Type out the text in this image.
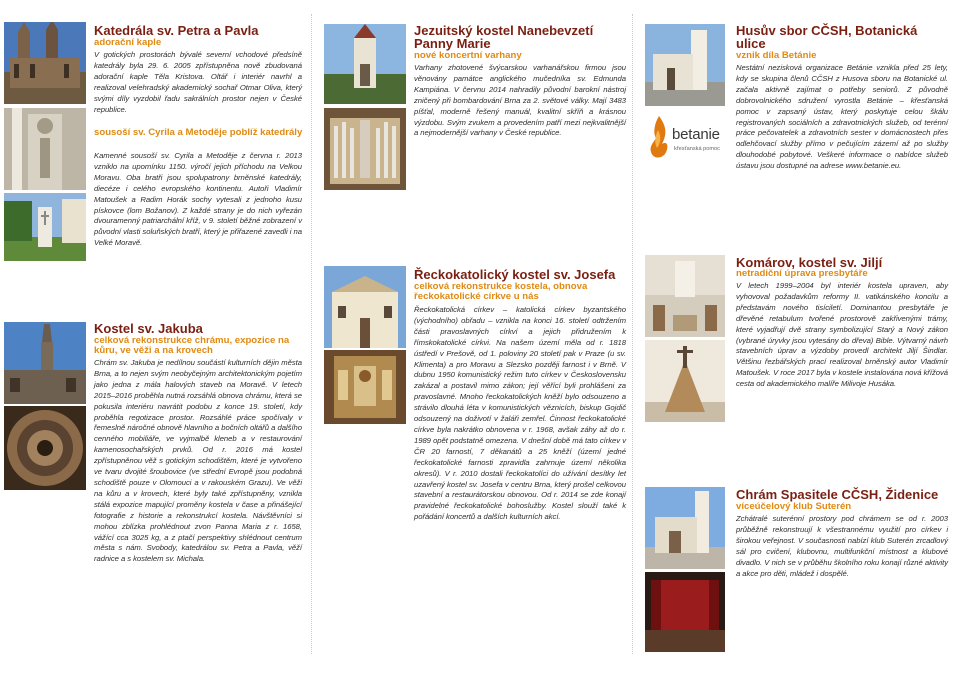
Katedrála sv. Petra a Pavla
adorační kaple

V gotických prostorách bývalé severní vchodové předsíně katedrály byla 29. 6. 2005 zpřístupněna nově zbudovaná adorační kaple Těla Kristova. Oltář i interiér navrhl a realizoval velehradský akademický sochař Otmar Oliva, který svými díly vyzdobil řadu sakrálních prostor nejen v České republice.

sousoší sv. Cyrila a Metoděje poblíž katedrály

Kamenné sousoší sv. Cyrila a Metoděje z června r. 2013 vzniklo na upomínku 1150. výročí jejich příchodu na Velkou Moravu. Oba bratři jsou spolupatrony brněnské katedrály, diecéze i celého evropského kontinentu. Autoři Vladimír Matoušek a Radim Horák sochy vytesali z jednoho kusu pískovce (lom Božanov). Z každé strany je do nich vyřezán dvouramenný patriarchální kříž, v 9. století běžné zobrazení v původní vlasti soluňských bratří, který je přiřazené zavedli i na Velké Moravě.

Kostel sv. Jakuba
celková rekonstrukce chrámu, expozice na kůru, ve věži a na krovech

Chrám sv. Jakuba je nedílnou součástí kulturních dějin města Brna, a to nejen svým neobyčejným architektonickým pojetím jako jedna z mála halových staveb na Moravě. V letech 2015–2016 proběhla nutná rozsáhlá obnova chrámu, která se pokusila interiéru navrátit podobu z konce 19. století, kdy proběhla regotizace prostor. Rozsáhlé práce spočívaly v řemeslně náročné obnově hlavního a bočních oltářů a dalšího cenného mobiliáře, ve vyjmalbě kleneb a v restaurování kamenosochařských prvků. Od r. 2016 má kostel zpřístupněnou věž s gotickým schodištěm, které je vytvořeno ve tvaru dvojité šroubovice (ve střední Evropě jsou podobná schodiště pouze v Olomouci a v rakouském Grazu). Ve věži na kůru a v krovech, které byly také zpřístupněny, vznikla stálá expozice mapující proměny kostela v čase a přinášející fotografie z historie a rekonstrukcí kostela. Návštěvníci si mohou zblízka prohlédnout zvon Panna Maria z r. 1658, vážící cca 3025 kg, a z ptačí perspektivy shlédnout centrum města s nám. Svobody, katedrálou sv. Petra a Pavla, věží radnice a s kostelem sv. Michala.

Jezuitský kostel Nanebevzetí Panny Marie
nové koncertní varhany

Varhany zhotovené švýcarskou varhanářskou firmou jsou věnovány památce anglického mučedníka sv. Edmunda Kampiána. V červnu 2014 nahradily původní barokní nástroj zničený při bombardování Brna za 2. světové války. Mají 3483 píšťal, moderně řešený manuál, kvalitní skříň a krásnou výzdobu. Svým zvukem a provedením patří mezi nejkvalitnější a nejmodernější varhany v České republice.

Řeckokatolický kostel sv. Josefa
celková rekonstrukce kostela, obnova řeckokatolické církve u nás

Řeckokatolická církev – katolická církev byzantského (východního) obřadu – vznikla na konci 16. století odtržením části pravoslavných církví a jejich přidružením k římskokatolické církvi. Na našem území měla od r. 1818 ústředí v Prešově, od 1. poloviny 20 století pak v Praze (u sv. Klimenta) a pro Moravu a Slezsko později farnost i v Brně. V dubnu 1950 komunistický režim tuto církev v Československu zakázal a postavil mimo zákon; její věřící byli prohlášeni za pravoslavné. Mnoho řeckokatolických kněží bylo odsouzeno a strávilo dlouhá léta v komunistických věznicích, biskup Gojdič odsouzený na doživotí v žaláři zemřel. Činnost řeckokatolické církve byla nakrátko obnovena v r. 1968, avšak záhy až do r. 1989 opět podstatně omezena. V dnešní době má tato církev v ČR 20 farností, 7 děkanátů a 25 kněží (území jedné řeckokatolické farnosti zpravidla zahrnuje území několika okresů). V r. 2010 dostali řeckokatolíci do užívání desítky let uzavřený kostel sv. Josefa v centru Brna, který prošel celkovou stavební a restaurátorskou obnovou. Od r. 2014 se zde konají pravidelné řeckokatolické bohoslužby. Kostel slouží také k pořádání koncertů a dalších kulturních akcí.

Husův sbor CČSH, Botanická ulice
vznik díla Betánie

Nestátní nezisková organizace Betánie vznikla před 25 lety, kdy se skupina členů CČSH z Husova sboru na Botanické ul. začala aktivně zajímat o potřeby seniorů. Z původně dobrovolnického sdružení vyrostla Betánie – křesťanská pomoc v zapsaný ústav, který poskytuje celou škálu registrovaných sociálních a zdravotnických služeb, od terénní práce pečovatelek a zdravotních sester v domácnostech přes odlehčovací služby přímo v pečujícím zázemí až po služby dlouhodobé pobytové. Veškeré informace o nabídce služeb ústavu jsou dostupné na adrese www.betanie.eu.

betanie
křesťanská pomoc
Komárov, kostel sv. Jiljí
netradiční úprava presbytáře

V letech 1999–2004 byl interiér kostela upraven, aby vyhovoval požadavkům reformy II. vatikánského koncilu a představám nového tisíciletí. Dominantou presbytáře je dřevěné retabulum tvořené prostorově zakřivenými trámy, které vyjadřují dvě strany symbolizující Starý a Nový zákon (vybrané úryvky jsou vytesány do dřeva) Bible. Výtvarný návrh stavebních úprav a výzdoby provedl architekt Jiljí Šindlar. Většinu řezbářských prací realizoval brněnský autor Vladimír Matoušek. V roce 2017 byla v kostele instalována nová křížová cesta od akademického malíře Milivoje Husáka.

Chrám Spasitele CČSH, Židenice
víceúčelový klub Suterén

Zchátralé suterénní prostory pod chrámem se od r. 2003 průběžně rekonstruují k všestrannému využití pro církev i širokou veřejnost. V současnosti nabízí klub Suterén zrcadlový sál pro cvičení, klubovnu, multifunkční místnost a klubové divadlo. V nich se v průběhu školního roku konají různé aktivity a akce pro děti, mládež i dospělé.
